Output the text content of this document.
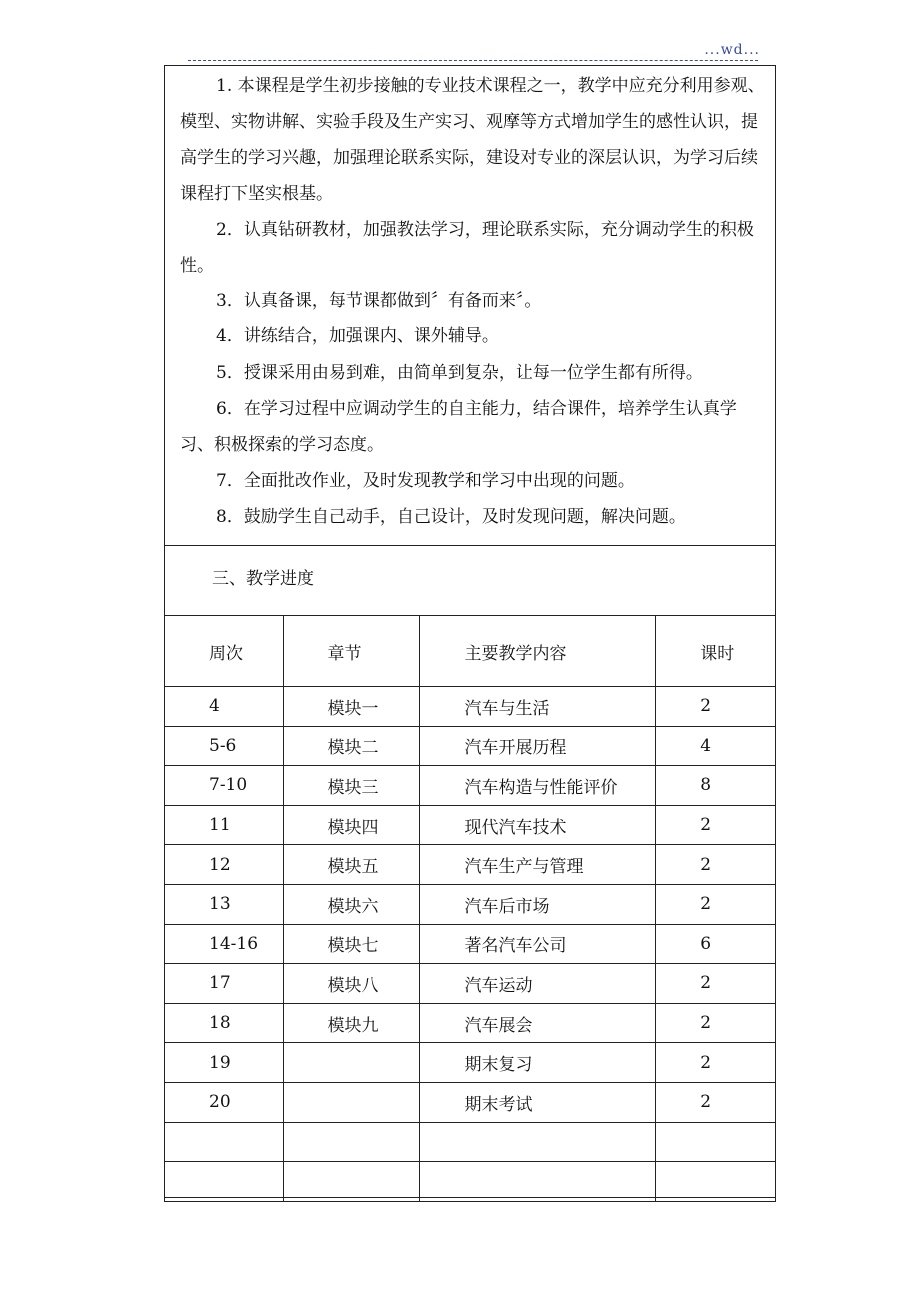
...wd...

1. 本课程是学生初步接触的专业技术课程之一，教学中应充分利用参观、模型、实物讲解、实验手段及生产实习、观摩等方式增加学生的感性认识，提高学生的学习兴趣，加强理论联系实际，建设对专业的深层认识，为学习后续课程打下坚实根基。

2．认真钻研教材，加强教法学习，理论联系实际，充分调动学生的积极性。

3．认真备课，每节课都做到〞有备而来〞。

4．讲练结合，加强课内、课外辅导。

5．授课采用由易到难，由简单到复杂，让每一位学生都有所得。

6．在学习过程中应调动学生的自主能力，结合课件，培养学生认真学习、积极探索的学习态度。

7．全面批改作业，及时发现教学和学习中出现的问题。

8．鼓励学生自己动手，自己设计，及时发现问题，解决问题。

三、教学进度
周次	章节	主要教学内容	课时
4	模块一	汽车与生活	2
5-6	模块二	汽车开展历程	4
7-10	模块三	汽车构造与性能评价	8
11	模块四	现代汽车技术	2
12	模块五	汽车生产与管理	2
13	模块六	汽车后市场	2
14-16	模块七	著名汽车公司	6
17	模块八	汽车运动	2
18	模块九	汽车展会	2
19		期末复习	2
20		期末考试	2
